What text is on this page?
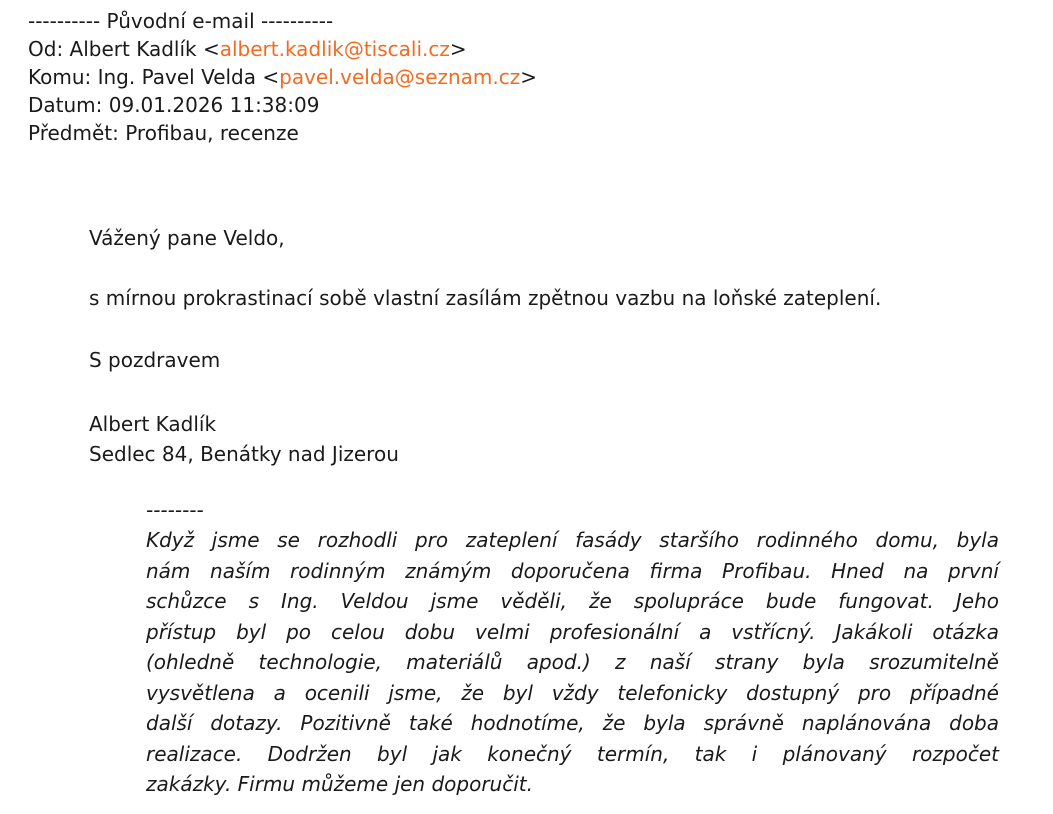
---------- Původní e-mail ----------
Od: Albert Kadlík <albert.kadlik@tiscali.cz>
Komu: Ing. Pavel Velda <pavel.velda@seznam.cz>
Datum: 09.01.2026 11:38:09
Předmět: Profibau, recenze

Vážený pane Veldo,

s mírnou prokrastinací sobě vlastní zasílám zpětnou vazbu na loňské zateplení.

S pozdravem

Albert Kadlík

Sedlec 84, Benátky nad Jizerou

--------
Když jsme se rozhodli pro zateplení fasády staršího rodinného domu, byla
nám naším rodinným známým doporučena firma Profibau. Hned na první
schůzce s Ing. Veldou jsme věděli, že spolupráce bude fungovat. Jeho
přístup byl po celou dobu velmi profesionální a vstřícný. Jakákoli otázka
(ohledně technologie, materiálů apod.) z naší strany byla srozumitelně
vysvětlena a ocenili jsme, že byl vždy telefonicky dostupný pro případné
další dotazy. Pozitivně také hodnotíme, že byla správně naplánována doba
realizace. Dodržen byl jak konečný termín, tak i plánovaný rozpočet
zakázky. Firmu můžeme jen doporučit.
